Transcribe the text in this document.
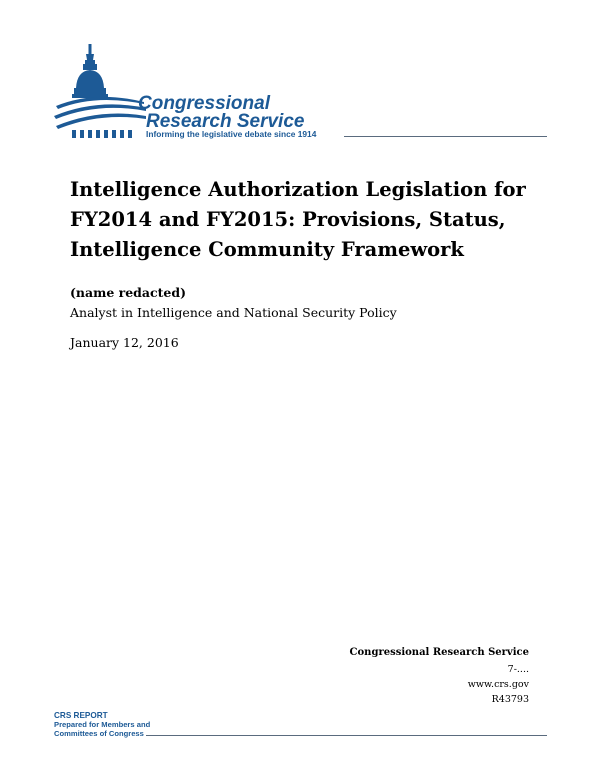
Congressional
Research Service
Informing the legislative debate since 1914
Intelligence Authorization Legislation for FY2014 and FY2015: Provisions, Status, Intelligence Community Framework
(name redacted)
Analyst in Intelligence and National Security Policy
January 12, 2016
Congressional Research Service
7-....
www.crs.gov
R43793
CRS REPORT
Prepared for Members and
Committees of Congress
